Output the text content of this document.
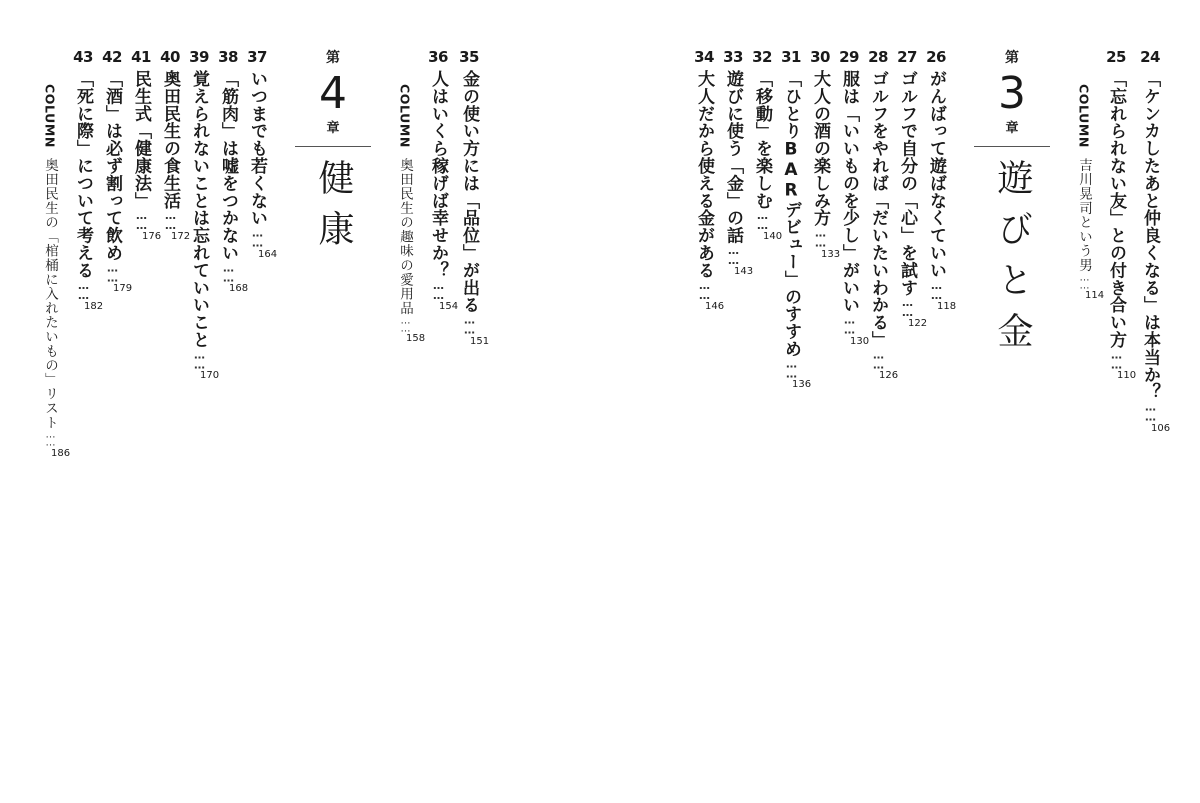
24
「ケンカしたあと仲良くなる」は本当か？……
106
25
「忘れられない友」との付き合い方……
110
COLUMN
吉川晃司という男……
114
第
3
章
遊びと金
26
がんばって遊ばなくていい……
118
27
ゴルフで自分の「心」を試す……
122
28
ゴルフをやれば「だいたいわかる」……
126
29
服は「いいものを少し」がいい……
130
30
大人の酒の楽しみ方……
133
31
「ひとりBARデビュー」のすすめ……
136
32
「移動」を楽しむ……
140
33
遊びに使う「金」の話……
143
34
大人だから使える金がある……
146
35
金の使い方には「品位」が出る……
151
36
人はいくら稼げば幸せか？……
154
COLUMN
奥田民生の趣味の愛用品……
158
第
4
章
健康
37
いつまでも若くない……
164
38
「筋肉」は嘘をつかない……
168
39
覚えられないことは忘れていいこと……
170
40
奥田民生の食生活……
172
41
民生式「健康法」……
176
42
「酒」は必ず割って飲め……
179
43
「死に際」について考える……
182
COLUMN
奥田民生の「棺桶に入れたいもの」リスト……
186
